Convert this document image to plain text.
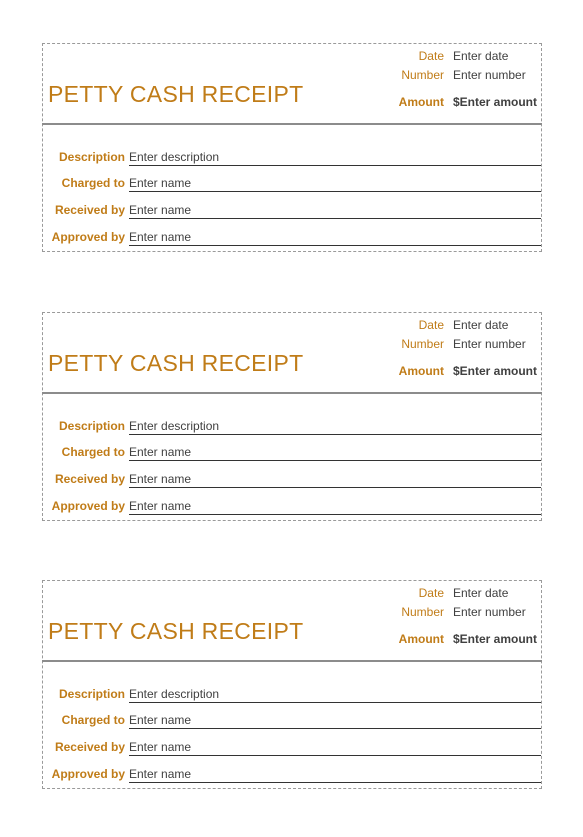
Date Enter date
Number Enter number
PETTY CASH RECEIPT	Amount $Enter amount
Description Enter description
Charged to Enter name
Received by Enter name
Approved by Enter name
Date Enter date
Number Enter number
PETTY CASH RECEIPT	Amount $Enter amount
Description Enter description
Charged to Enter name
Received by Enter name
Approved by Enter name
Date Enter date
Number Enter number
PETTY CASH RECEIPT	Amount $Enter amount
Description Enter description
Charged to Enter name
Received by Enter name
Approved by Enter name
